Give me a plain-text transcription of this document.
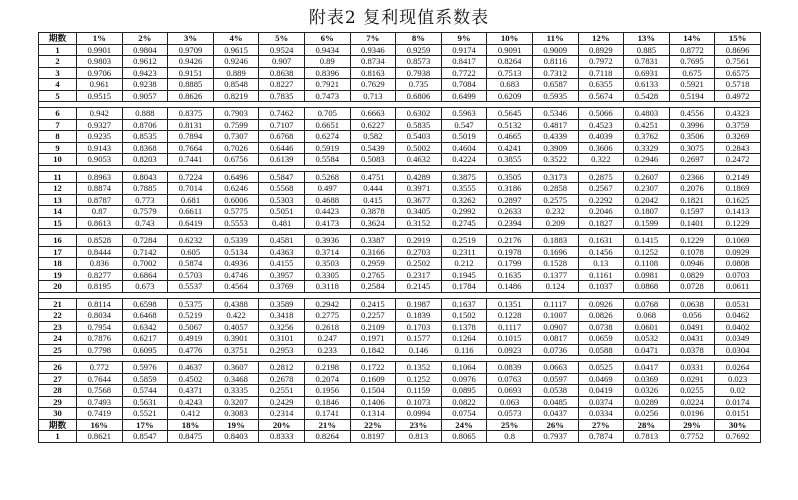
附表2 复利现值系数表
期数	1%	2%	3%	4%	5%	6%	7%	8%	9%	10%	11%	12%	13%	14%	15%
1	0.9901	0.9804	0.9709	0.9615	0.9524	0.9434	0.9346	0.9259	0.9174	0.9091	0.9009	0.8929	0.885	0.8772	0.8696
2	0.9803	0.9612	0.9426	0.9246	0.907	0.89	0.8734	0.8573	0.8417	0.8264	0.8116	0.7972	0.7831	0.7695	0.7561
3	0.9706	0.9423	0.9151	0.889	0.8638	0.8396	0.8163	0.7938	0.7722	0.7513	0.7312	0.7118	0.6931	0.675	0.6575
4	0.961	0.9238	0.8885	0.8548	0.8227	0.7921	0.7629	0.735	0.7084	0.683	0.6587	0.6355	0.6133	0.5921	0.5718
5	0.9515	0.9057	0.8626	0.8219	0.7835	0.7473	0.713	0.6806	0.6499	0.6209	0.5935	0.5674	0.5428	0.5194	0.4972

6	0.942	0.888	0.8375	0.7903	0.7462	0.705	0.6663	0.6302	0.5963	0.5645	0.5346	0.5066	0.4803	0.4556	0.4323
7	0.9327	0.8706	0.8131	0.7599	0.7107	0.6651	0.6227	0.5835	0.547	0.5132	0.4817	0.4523	0.4251	0.3996	0.3759
8	0.9235	0.8535	0.7894	0.7307	0.6768	0.6274	0.582	0.5403	0.5019	0.4665	0.4339	0.4039	0.3762	0.3506	0.3269
9	0.9143	0.8368	0.7664	0.7026	0.6446	0.5919	0.5439	0.5002	0.4604	0.4241	0.3909	0.3606	0.3329	0.3075	0.2843
10	0.9053	0.8203	0.7441	0.6756	0.6139	0.5584	0.5083	0.4632	0.4224	0.3855	0.3522	0.322	0.2946	0.2697	0.2472

11	0.8963	0.8043	0.7224	0.6496	0.5847	0.5268	0.4751	0.4289	0.3875	0.3505	0.3173	0.2875	0.2607	0.2366	0.2149
12	0.8874	0.7885	0.7014	0.6246	0.5568	0.497	0.444	0.3971	0.3555	0.3186	0.2858	0.2567	0.2307	0.2076	0.1869
13	0.8787	0.773	0.681	0.6006	0.5303	0.4688	0.415	0.3677	0.3262	0.2897	0.2575	0.2292	0.2042	0.1821	0.1625
14	0.87	0.7579	0.6611	0.5775	0.5051	0.4423	0.3878	0.3405	0.2992	0.2633	0.232	0.2046	0.1807	0.1597	0.1413
15	0.8613	0.743	0.6419	0.5553	0.481	0.4173	0.3624	0.3152	0.2745	0.2394	0.209	0.1827	0.1599	0.1401	0.1229

16	0.8528	0.7284	0.6232	0.5339	0.4581	0.3936	0.3387	0.2919	0.2519	0.2176	0.1883	0.1631	0.1415	0.1229	0.1069
17	0.8444	0.7142	0.605	0.5134	0.4363	0.3714	0.3166	0.2703	0.2311	0.1978	0.1696	0.1456	0.1252	0.1078	0.0929
18	0.836	0.7002	0.5874	0.4936	0.4155	0.3503	0.2959	0.2502	0.212	0.1799	0.1528	0.13	0.1108	0.0946	0.0808
19	0.8277	0.6864	0.5703	0.4746	0.3957	0.3305	0.2765	0.2317	0.1945	0.1635	0.1377	0.1161	0.0981	0.0829	0.0703
20	0.8195	0.673	0.5537	0.4564	0.3769	0.3118	0.2584	0.2145	0.1784	0.1486	0.124	0.1037	0.0868	0.0728	0.0611

21	0.8114	0.6598	0.5375	0.4388	0.3589	0.2942	0.2415	0.1987	0.1637	0.1351	0.1117	0.0926	0.0768	0.0638	0.0531
22	0.8034	0.6468	0.5219	0.422	0.3418	0.2775	0.2257	0.1839	0.1502	0.1228	0.1007	0.0826	0.068	0.056	0.0462
23	0.7954	0.6342	0.5067	0.4057	0.3256	0.2618	0.2109	0.1703	0.1378	0.1117	0.0907	0.0738	0.0601	0.0491	0.0402
24	0.7876	0.6217	0.4919	0.3901	0.3101	0.247	0.1971	0.1577	0.1264	0.1015	0.0817	0.0659	0.0532	0.0431	0.0349
25	0.7798	0.6095	0.4776	0.3751	0.2953	0.233	0.1842	0.146	0.116	0.0923	0.0736	0.0588	0.0471	0.0378	0.0304

26	0.772	0.5976	0.4637	0.3607	0.2812	0.2198	0.1722	0.1352	0.1064	0.0839	0.0663	0.0525	0.0417	0.0331	0.0264
27	0.7644	0.5859	0.4502	0.3468	0.2678	0.2074	0.1609	0.1252	0.0976	0.0763	0.0597	0.0469	0.0369	0.0291	0.023
28	0.7568	0.5744	0.4371	0.3335	0.2551	0.1956	0.1504	0.1159	0.0895	0.0693	0.0538	0.0419	0.0326	0.0255	0.02
29	0.7493	0.5631	0.4243	0.3207	0.2429	0.1846	0.1406	0.1073	0.0822	0.063	0.0485	0.0374	0.0289	0.0224	0.0174
30	0.7419	0.5521	0.412	0.3083	0.2314	0.1741	0.1314	0.0994	0.0754	0.0573	0.0437	0.0334	0.0256	0.0196	0.0151
期数	16%	17%	18%	19%	20%	21%	22%	23%	24%	25%	26%	27%	28%	29%	30%
1	0.8621	0.8547	0.8475	0.8403	0.8333	0.8264	0.8197	0.813	0.8065	0.8	0.7937	0.7874	0.7813	0.7752	0.7692
